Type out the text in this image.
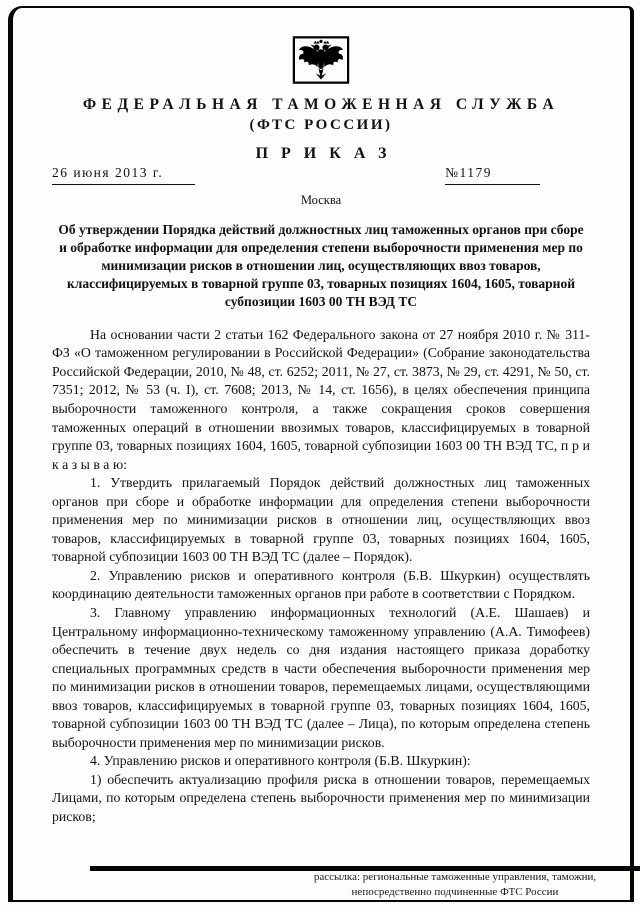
ФЕДЕРАЛЬНАЯ ТАМОЖЕННАЯ СЛУЖБА
(ФТС РОССИИ)
ПРИКАЗ
26 июня 2013 г.	№1179
Москва
Об утверждении Порядка действий должностных лиц таможенных органов при сборе и обработке информации для определения степени выборочности применения мер по минимизации рисков в отношении лиц, осуществляющих ввоз товаров, классифицируемых в товарной группе 03, товарных позициях 1604, 1605, товарной субпозиции 1603 00 ТН ВЭД ТС

На основании части 2 статьи 162 Федерального закона от 27 ноября 2010 г. № 311-ФЗ «О таможенном регулировании в Российской Федерации» (Собрание законодательства Российской Федерации, 2010, № 48, ст. 6252; 2011, № 27, ст. 3873, № 29, ст. 4291, № 50, ст. 7351; 2012, № 53 (ч. I), ст. 7608; 2013, № 14, ст. 1656), в целях обеспечения принципа выборочности таможенного контроля, а также сокращения сроков совершения таможенных операций в отношении ввозимых товаров, классифицируемых в товарной группе 03, товарных позициях 1604, 1605, товарной субпозиции 1603 00 ТН ВЭД ТС, п р и к а з ы в а ю:

1. Утвердить прилагаемый Порядок действий должностных лиц таможенных органов при сборе и обработке информации для определения степени выборочности применения мер по минимизации рисков в отношении лиц, осуществляющих ввоз товаров, классифицируемых в товарной группе 03, товарных позициях 1604, 1605, товарной субпозиции 1603 00 ТН ВЭД ТС (далее – Порядок).

2. Управлению рисков и оперативного контроля (Б.В. Шкуркин) осуществлять координацию деятельности таможенных органов при работе в соответствии с Порядком.

3. Главному управлению информационных технологий (А.Е. Шашаев) и Центральному информационно-техническому таможенному управлению (А.А. Тимофеев) обеспечить в течение двух недель со дня издания настоящего приказа доработку специальных программных средств в части обеспечения выборочности применения мер по минимизации рисков в отношении товаров, перемещаемых лицами, осуществляющими ввоз товаров, классифицируемых в товарной группе 03, товарных позициях 1604, 1605, товарной субпозиции 1603 00 ТН ВЭД ТС (далее – Лица), по которым определена степень выборочности применения мер по минимизации рисков.

4. Управлению рисков и оперативного контроля (Б.В. Шкуркин):

1) обеспечить актуализацию профиля риска в отношении товаров, перемещаемых Лицами, по которым определена степень выборочности применения мер по минимизации рисков;

рассылка: региональные таможенные управления, таможни,
непосредственно подчиненные ФТС России
